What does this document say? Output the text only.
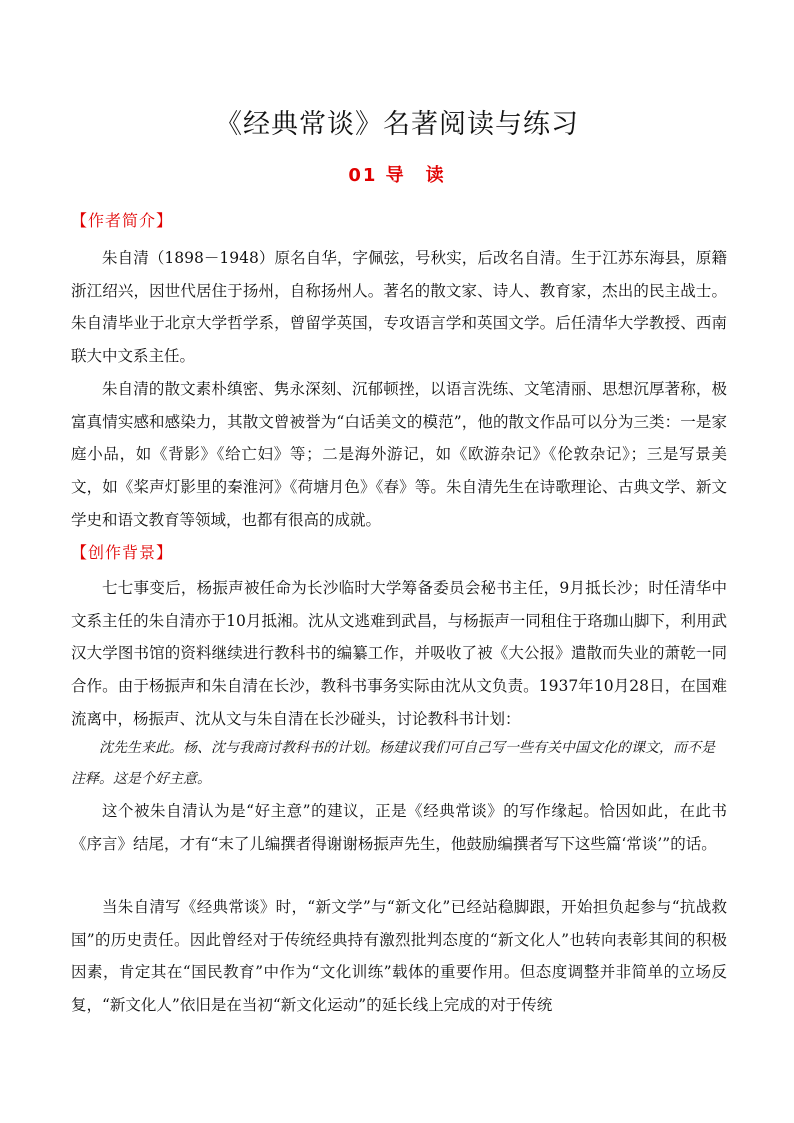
《经典常谈》名著阅读与练习
01 导　读
【作者简介】
朱自清（1898－1948）原名自华，字佩弦，号秋实，后改名自清。生于江苏东海县，原籍浙江绍兴，因世代居住于扬州，自称扬州人。著名的散文家、诗人、教育家，杰出的民主战士。朱自清毕业于北京大学哲学系，曾留学英国，专攻语言学和英国文学。后任清华大学教授、西南联大中文系主任。
朱自清的散文素朴缜密、隽永深刻、沉郁顿挫，以语言洗练、文笔清丽、思想沉厚著称，极富真情实感和感染力，其散文曾被誉为“白话美文的模范”，他的散文作品可以分为三类：一是家庭小品，如《背影》《给亡妇》等；二是海外游记，如《欧游杂记》《伦敦杂记》；三是写景美文，如《桨声灯影里的秦淮河》《荷塘月色》《春》等。朱自清先生在诗歌理论、古典文学、新文学史和语文教育等领域，也都有很高的成就。
【创作背景】
七七事变后，杨振声被任命为长沙临时大学筹备委员会秘书主任，9月抵长沙；时任清华中文系主任的朱自清亦于10月抵湘。沈从文逃难到武昌，与杨振声一同租住于珞珈山脚下，利用武汉大学图书馆的资料继续进行教科书的编纂工作，并吸收了被《大公报》遣散而失业的萧乾一同合作。由于杨振声和朱自清在长沙，教科书事务实际由沈从文负责。1937年10月28日，在国难流离中，杨振声、沈从文与朱自清在长沙碰头，讨论教科书计划：
沈先生来此。杨、沈与我商讨教科书的计划。杨建议我们可自己写一些有关中国文化的课文，而不是注释。这是个好主意。
这个被朱自清认为是“好主意”的建议，正是《经典常谈》的写作缘起。恰因如此，在此书《序言》结尾，才有“末了儿编撰者得谢谢杨振声先生，他鼓励编撰者写下这些篇‘常谈’”的话。
当朱自清写《经典常谈》时，“新文学”与“新文化”已经站稳脚跟，开始担负起参与“抗战救国”的历史责任。因此曾经对于传统经典持有激烈批判态度的“新文化人”也转向表彰其间的积极因素，肯定其在“国民教育”中作为“文化训练”载体的重要作用。但态度调整并非简单的立场反复，“新文化人”依旧是在当初“新文化运动”的延长线上完成的对于传统
